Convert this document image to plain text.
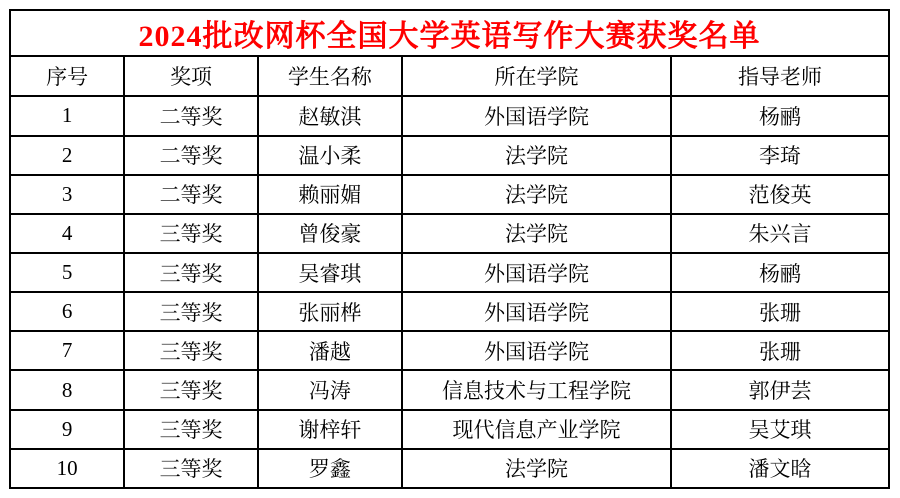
2024批改网杯全国大学英语写作大赛获奖名单				
序号	奖项	学生名称	所在学院	指导老师
1	二等奖	赵敏淇	外国语学院	杨鹂
2	二等奖	温小柔	法学院	李琦
3	二等奖	赖丽媚	法学院	范俊英
4	三等奖	曾俊豪	法学院	朱兴言
5	三等奖	吴睿琪	外国语学院	杨鹂
6	三等奖	张丽桦	外国语学院	张珊
7	三等奖	潘越	外国语学院	张珊
8	三等奖	冯涛	信息技术与工程学院	郭伊芸
9	三等奖	谢梓轩	现代信息产业学院	吴艾琪
10	三等奖	罗鑫	法学院	潘文晗
